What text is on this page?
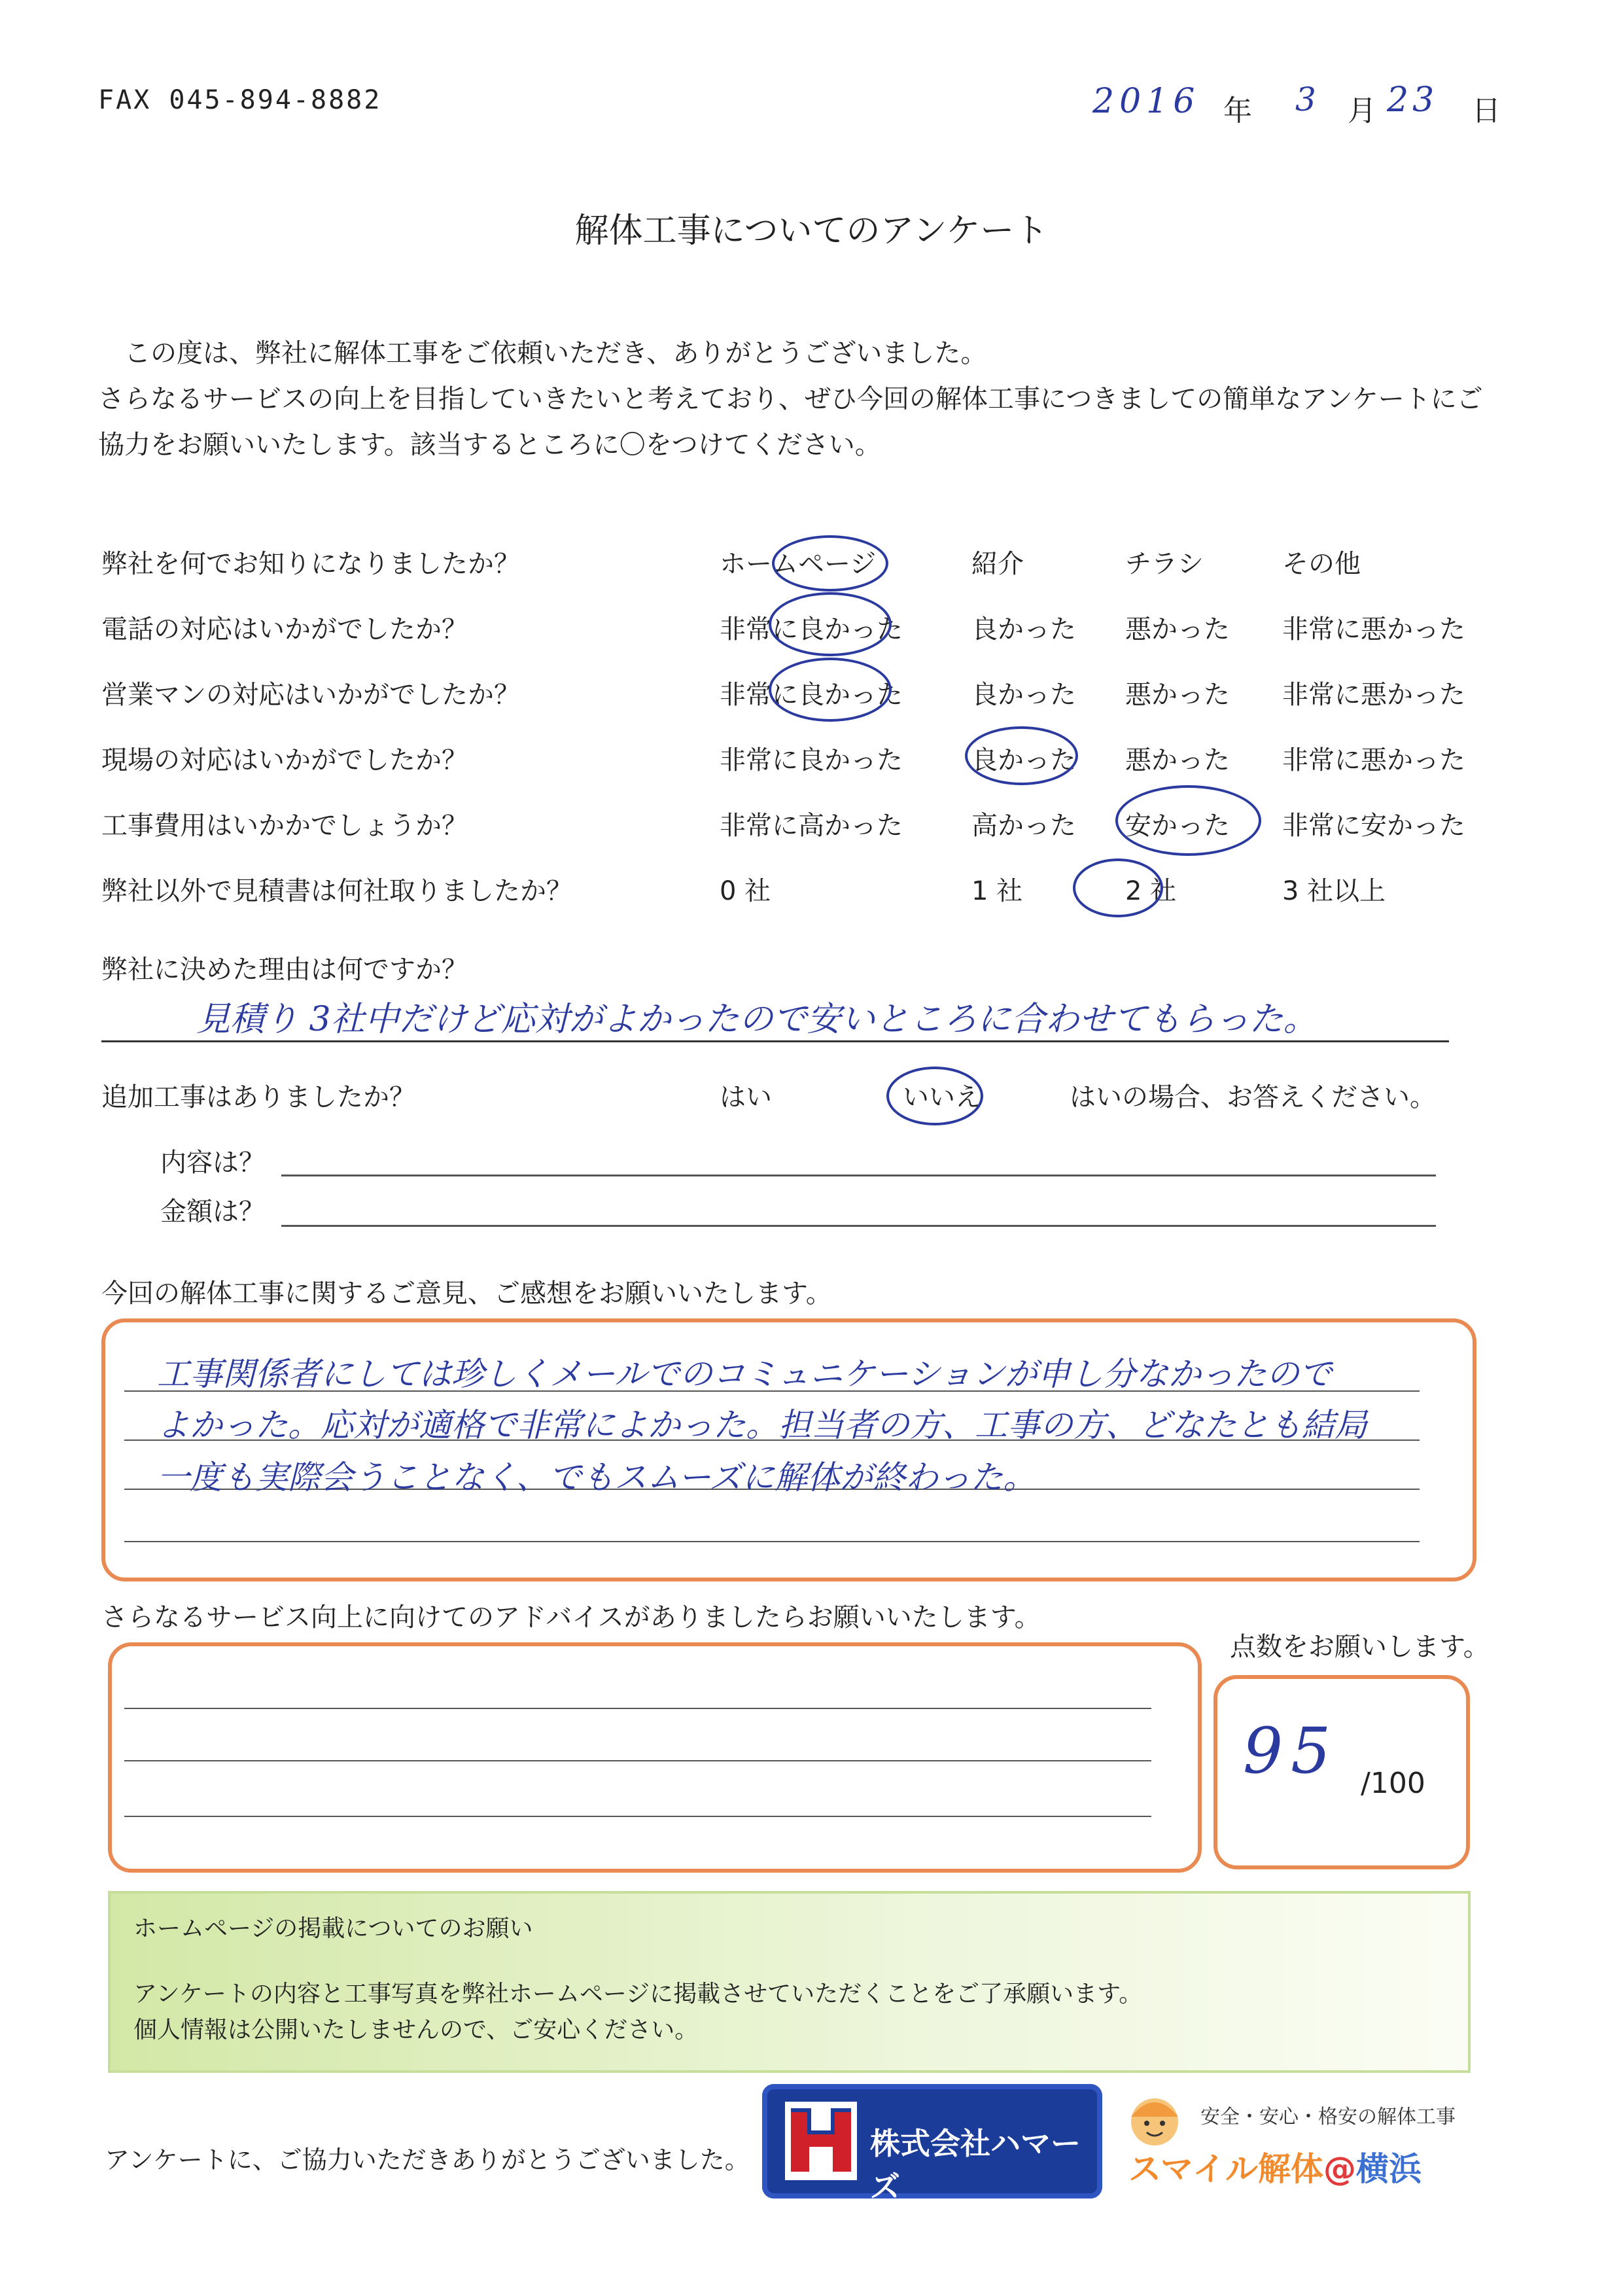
FAX 045-894-8882	2016 年 3 月 23 日
解体工事についてのアンケート

この度は、弊社に解体工事をご依頼いただき、ありがとうございました。

さらなるサービスの向上を目指していきたいと考えており、ぜひ今回の解体工事につきましての簡単なアンケートにご

協力をお願いいたします。該当するところに〇をつけてください。

弊社を何でお知りになりましたか？	ホームページ	紹介	チラシ	その他
電話の対応はいかがでしたか？	非常に良かった	良かった 悪かった 非常に悪かった
営業マンの対応はいかがでしたか？	非常に良かった	良かった 悪かった 非常に悪かった
現場の対応はいかがでしたか？	非常に良かった	良かった 悪かった 非常に悪かった
工事費用はいかかでしょうか？	非常に高かった	高かった 安かった 非常に安かった
弊社以外で見積書は何社取りましたか？	0 社	1 社	2 社	3 社以上
弊社に決めた理由は何ですか？
見積り 3社中だけど応対がよかったので安いところに合わせてもらった。
追加工事はありましたか？	はい	いいえ	はいの場合、お答えください。
内容は？
金額は？
今回の解体工事に関するご意見、ご感想をお願いいたします。
工事関係者にしては珍しくメールでのコミュニケーションが申し分なかったので
よかった。応対が適格で非常によかった。担当者の方、工事の方、どなたとも結局
一度も実際会うことなく、でもスムーズに解体が終わった。
さらなるサービス向上に向けてのアドバイスがありましたらお願いいたします。
点数をお願いします。
95 /100
ホームページの掲載についてのお願い
アンケートの内容と工事写真を弊社ホームページに掲載させていただくことをご了承願います。
個人情報は公開いたしませんので、ご安心ください。
アンケートに、ご協力いただきありがとうございました。	株式会社ハマーズ
安全・安心・格安の解体工事
スマイル解体@横浜
